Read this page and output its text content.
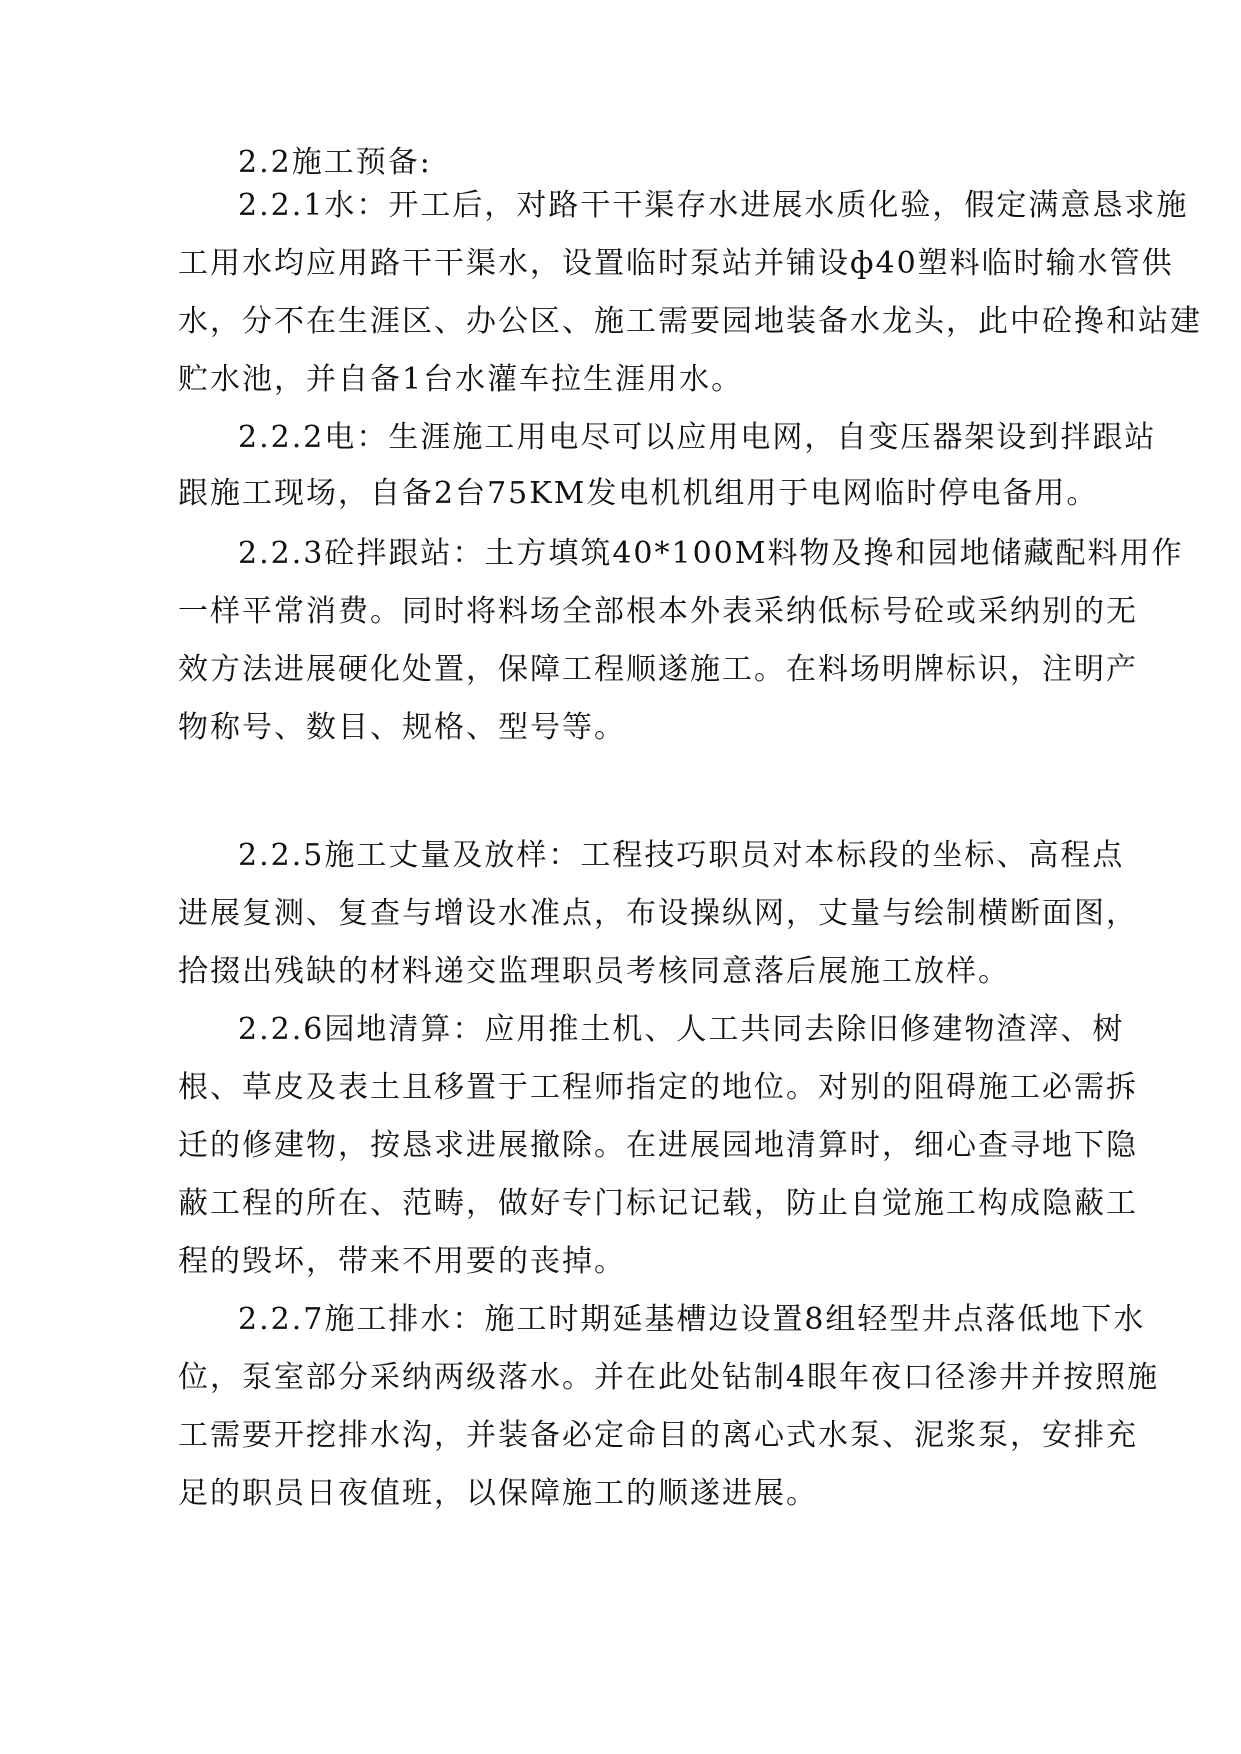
2.2施工预备:
2.2.1水：开工后，对路干干渠存水进展水质化验，假定满意恳求施
工用水均应用路干干渠水，设置临时泵站并铺设ф40塑料临时输水管供
水，分不在生涯区、办公区、施工需要园地装备水龙头，此中砼搀和站建
贮水池，并自备1台水灌车拉生涯用水。
2.2.2电：生涯施工用电尽可以应用电网，自变压器架设到拌跟站
跟施工现场，自备2台75KM发电机机组用于电网临时停电备用。
2.2.3砼拌跟站：土方填筑40*100M料物及搀和园地储藏配料用作
一样平常消费。同时将料场全部根本外表采纳低标号砼或采纳别的无
效方法进展硬化处置，保障工程顺遂施工。在料场明牌标识，注明产
物称号、数目、规格、型号等。
2.2.5施工丈量及放样：工程技巧职员对本标段的坐标、高程点
进展复测、复查与增设水准点，布设操纵网，丈量与绘制横断面图，
拾掇出残缺的材料递交监理职员考核同意落后展施工放样。
2.2.6园地清算：应用推土机、人工共同去除旧修建物渣滓、树
根、草皮及表土且移置于工程师指定的地位。对别的阻碍施工必需拆
迁的修建物，按恳求进展撤除。在进展园地清算时，细心查寻地下隐
蔽工程的所在、范畴，做好专门标记记载，防止自觉施工构成隐蔽工
程的毁坏，带来不用要的丧掉。
2.2.7施工排水：施工时期延基槽边设置8组轻型井点落低地下水
位，泵室部分采纳两级落水。并在此处钻制4眼年夜口径渗井并按照施
工需要开挖排水沟，并装备必定命目的离心式水泵、泥浆泵，安排充
足的职员日夜值班，以保障施工的顺遂进展。
